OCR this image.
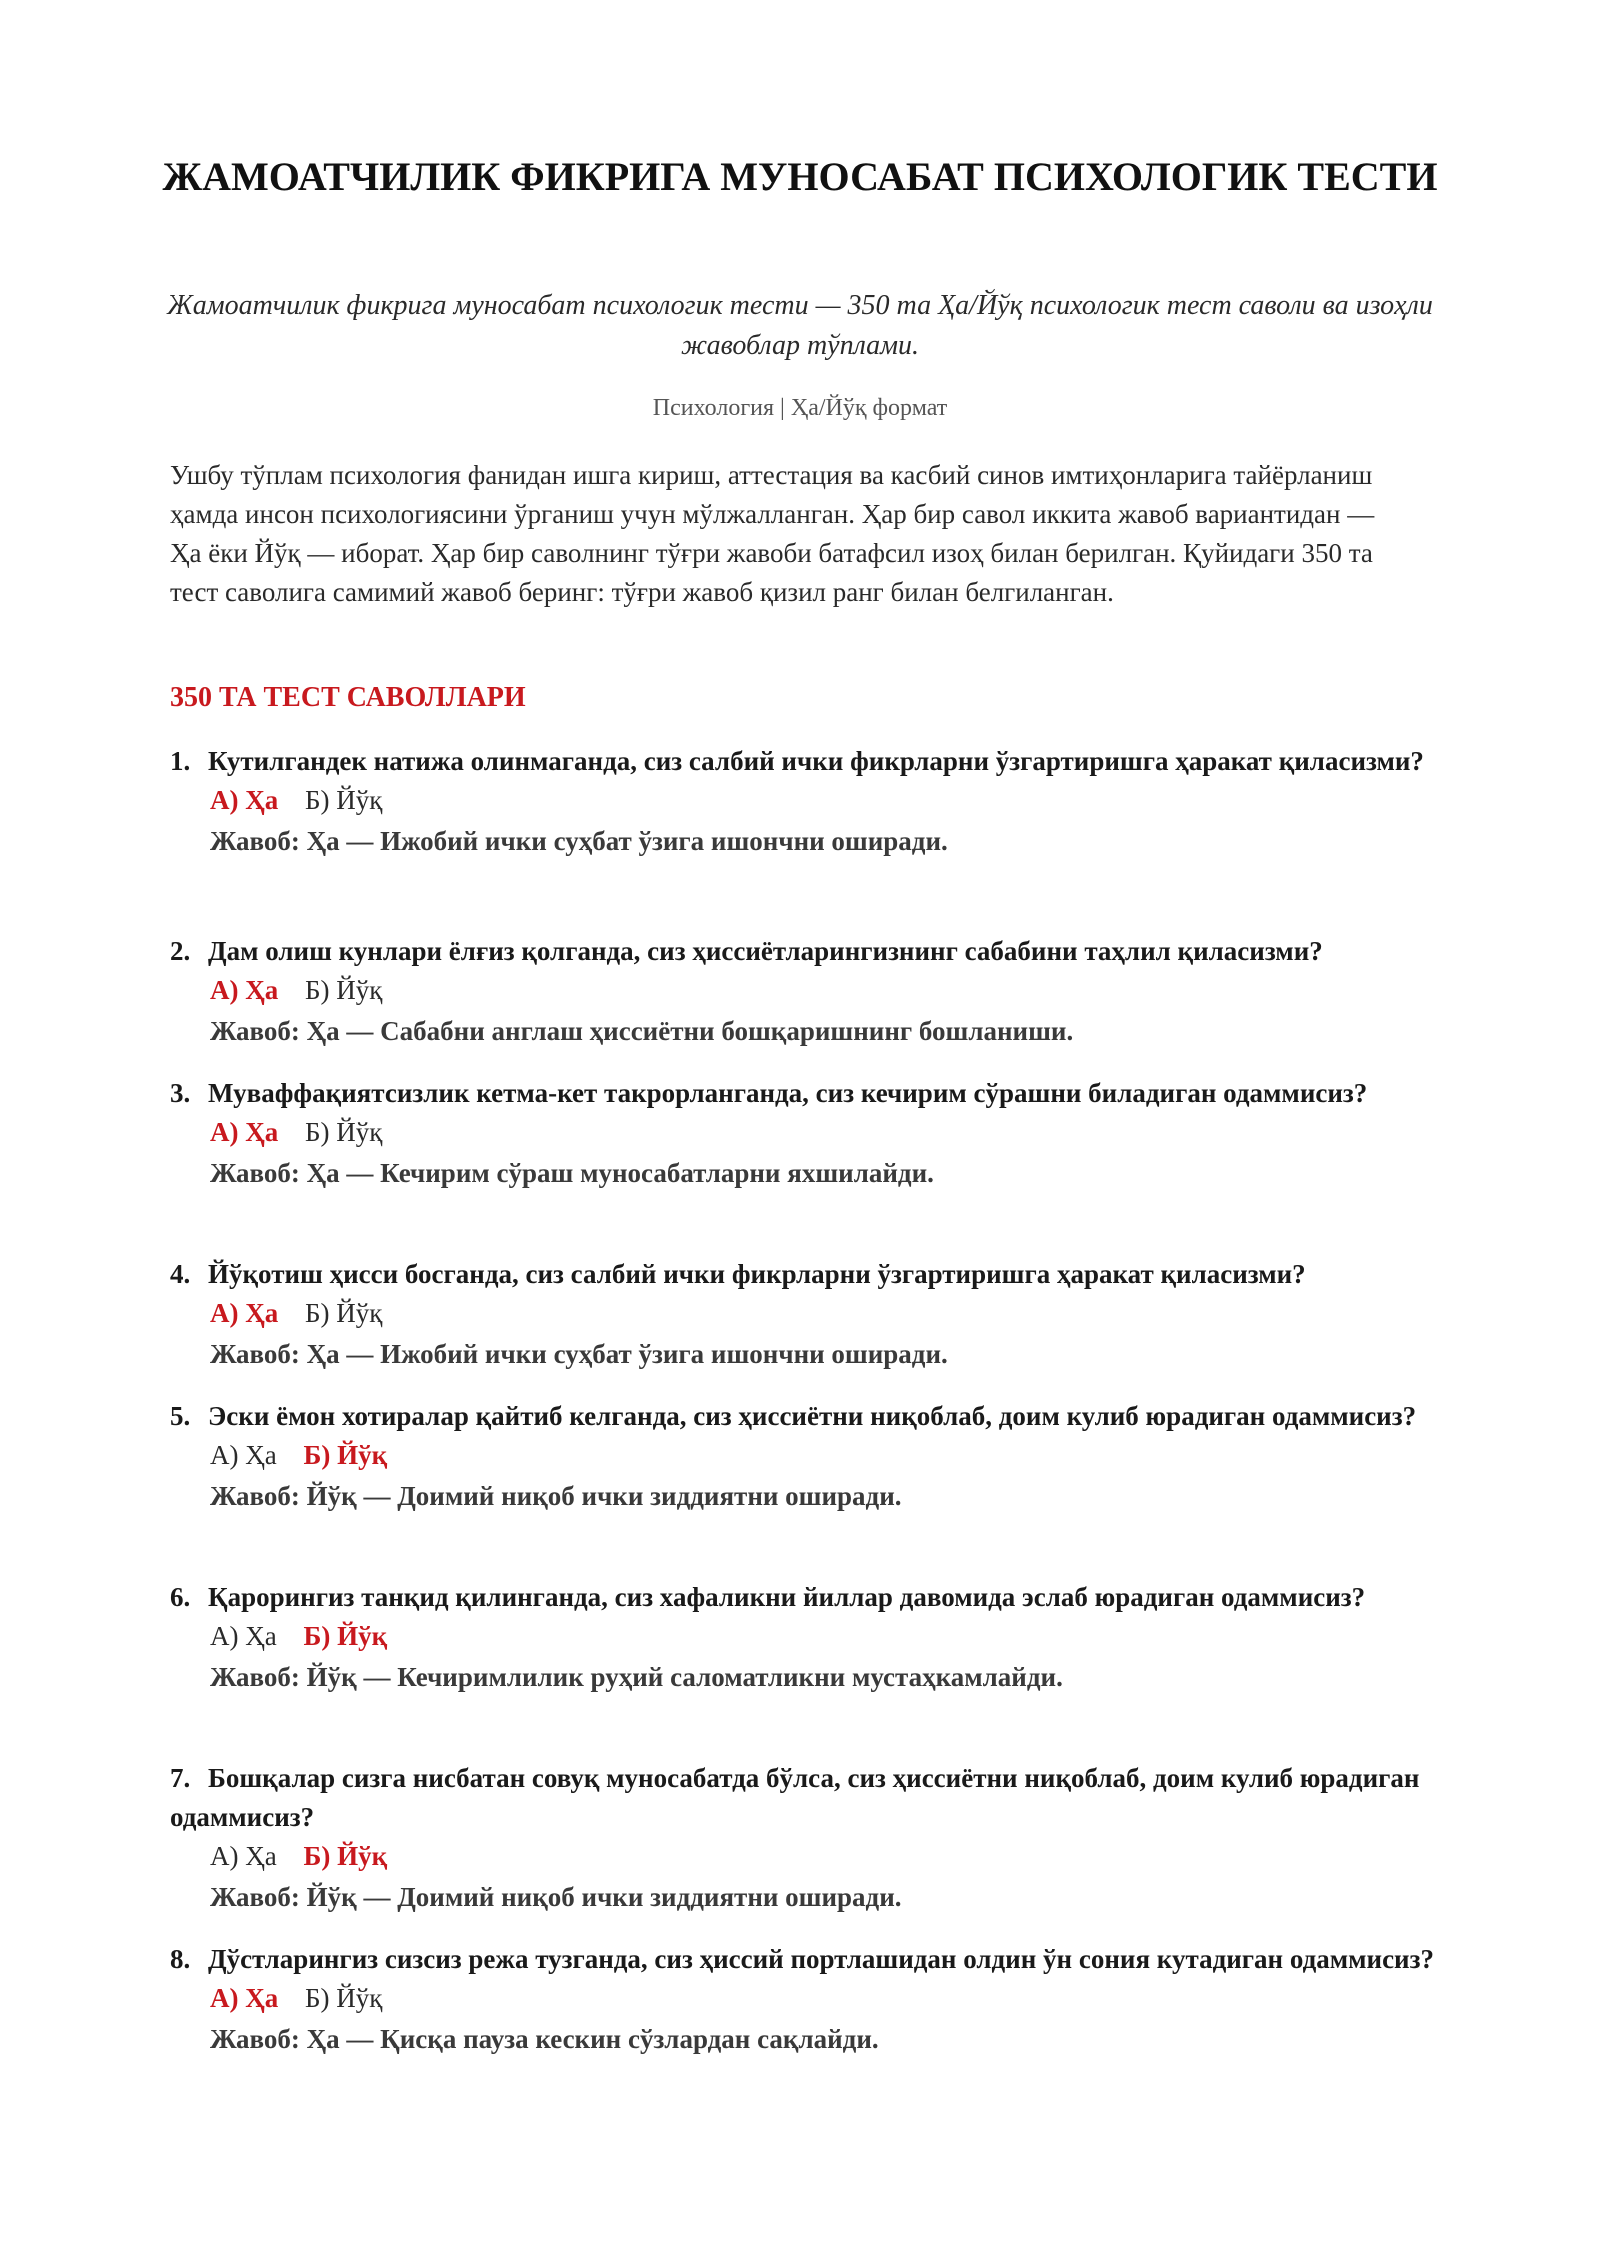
ЖАМОАТЧИЛИК ФИКРИГА МУНОСАБАТ ПСИХОЛОГИК ТЕСТИ
Жамоатчилик фикрига муносабат психологик тести — 350 та Ҳа/Йўқ психологик тест саволи ва изоҳли жавоблар тўплами.
Психология | Ҳа/Йўқ формат
Ушбу тўплам психология фанидан ишга кириш, аттестация ва касбий синов имтиҳонларига тайёрланиш ҳамда инсон психологиясини ўрганиш учун мўлжалланган. Ҳар бир савол иккита жавоб вариантидан — Ҳа ёки Йўқ — иборат. Ҳар бир саволнинг тўғри жавоби батафсил изоҳ билан берилган. Қуйидаги 350 та тест саволига самимий жавоб беринг: тўғри жавоб қизил ранг билан белгиланган.
350 ТА ТЕСТ САВОЛЛАРИ

1. Кутилгандек натижа олинмаганда, сиз салбий ички фикрларни ўзгартиришга ҳаракат қиласизми?

А) Ҳа Б) Йўқ
Жавоб: Ҳа — Ижобий ички суҳбат ўзига ишончни оширади.

2. Дам олиш кунлари ёлғиз қолганда, сиз ҳиссиётларингизнинг сабабини таҳлил қиласизми?

А) Ҳа Б) Йўқ
Жавоб: Ҳа — Сабабни англаш ҳиссиётни бошқаришнинг бошланиши.

3. Муваффақиятсизлик кетма-кет такрорланганда, сиз кечирим сўрашни биладиган одаммисиз?

А) Ҳа Б) Йўқ
Жавоб: Ҳа — Кечирим сўраш муносабатларни яхшилайди.

4. Йўқотиш ҳисси босганда, сиз салбий ички фикрларни ўзгартиришга ҳаракат қиласизми?

А) Ҳа Б) Йўқ
Жавоб: Ҳа — Ижобий ички суҳбат ўзига ишончни оширади.

5. Эски ёмон хотиралар қайтиб келганда, сиз ҳиссиётни ниқоблаб, доим кулиб юрадиган одаммисиз?

А) Ҳа Б) Йўқ
Жавоб: Йўқ — Доимий ниқоб ички зиддиятни оширади.

6. Қарорингиз танқид қилинганда, сиз хафаликни йиллар давомида эслаб юрадиган одаммисиз?

А) Ҳа Б) Йўқ
Жавоб: Йўқ — Кечиримлилик руҳий саломатликни мустаҳкамлайди.

7. Бошқалар сизга нисбатан совуқ муносабатда бўлса, сиз ҳиссиётни ниқоблаб, доим кулиб юрадиган одаммисиз?

А) Ҳа Б) Йўқ
Жавоб: Йўқ — Доимий ниқоб ички зиддиятни оширади.

8. Дўстларингиз сизсиз режа тузганда, сиз ҳиссий портлашидан олдин ўн сония кутадиган одаммисиз?

А) Ҳа Б) Йўқ
Жавоб: Ҳа — Қисқа пауза кескин сўзлардан сақлайди.
